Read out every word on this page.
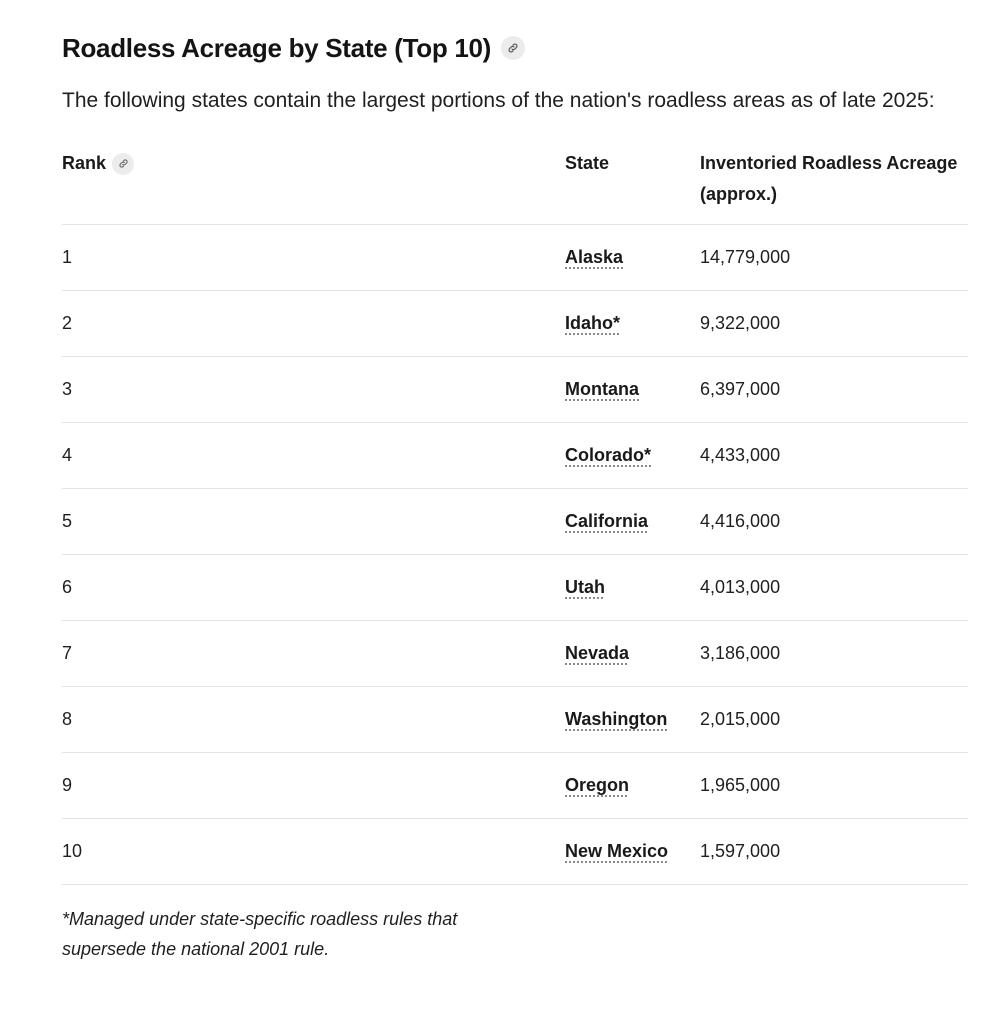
Roadless Acreage by State (Top 10)

The following states contain the largest portions of the nation's roadless areas as of late 2025:

Rank	State	Inventoried Roadless Acreage (approx.)
1	Alaska	14,779,000
2	Idaho*	9,322,000
3	Montana	6,397,000
4	Colorado*	4,433,000
5	California	4,416,000
6	Utah	4,013,000
7	Nevada	3,186,000
8	Washington	2,015,000
9	Oregon	1,965,000
10	New Mexico	1,597,000

*Managed under state-specific roadless rules that supersede the national 2001 rule.
